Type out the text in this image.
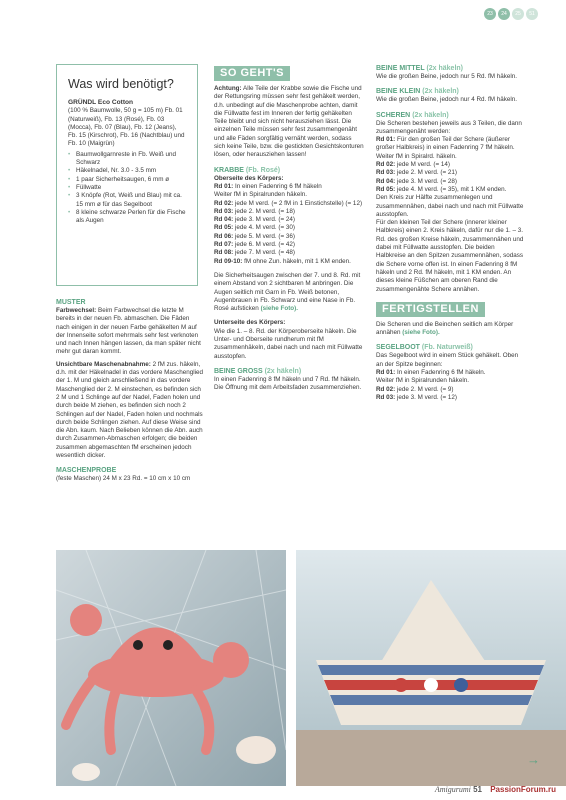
23	24	25	51
Was wird benötigt?

GRÜNDL Eco Cotton

(100 % Baumwolle, 50 g = 105 m) Fb. 01 (Naturweiß), Fb. 13 (Rosé), Fb. 03 (Mocca), Fb. 07 (Blau), Fb. 12 (Jeans), Fb. 15 (Kirschrot), Fb. 16 (Nachtblau) und Fb. 10 (Maigrün)

• Baumwollgarnreste in Fb. Weiß und Schwarz
• Häkelnadel, Nr. 3.0 - 3.5 mm
• 1 paar Sicherheitsaugen, 6 mm ø
• Füllwatte
• 3 Knöpfe (Rot, Weiß und Blau) mit ca. 15 mm ø für das Segelboot
• 8 kleine schwarze Perlen für die Fische als Augen
MUSTER

Farbwechsel: Beim Farbwechsel die letzte M bereits in der neuen Fb. abmaschen. Die Fäden nach einigen in der neuen Farbe gehäkelten M auf der Innenseite sofort mehrmals sehr fest verknoten und nach Innen hängen lassen, da man später nicht mehr gut daran kommt.

Unsichtbare Maschenabnahme: 2 fM zus. häkeln, d.h. mit der Häkelnadel in das vordere Maschenglied der 1. M und gleich anschließend in das vordere Maschenglied der 2. M einstechen, es befinden sich 2 M und 1 Schlinge auf der Nadel, Faden holen und durch beide M ziehen, es befinden sich noch 2 Schlingen auf der Nadel, Faden holen und nochmals durch beide Schlingen ziehen. Auf diese Weise sind die Abn. kaum. Nach Belieben können die Abn. auch durch Zusammen-Abmaschen erfolgen; die beiden zusammen abgemaschten fM erscheinen jedoch wesentlich dicker.

MASCHENPROBE

(feste Maschen) 24 M x 23 Rd. = 10 cm x 10 cm

SO GEHT'S

Achtung: Alle Teile der Krabbe sowie die Fische und der Rettungsring müssen sehr fest gehäkelt werden, d.h. unbedingt auf die Maschenprobe achten, damit die Füllwatte fest im Inneren der fertig gehäkelten Teile bleibt und sich nicht herausziehen lässt. Die einzelnen Teile müssen sehr fest zusammengenäht und alle Fäden sorgfältig vernäht werden, sodass sich keine Teile, bzw. die gestickten Gesichtskonturen lösen, oder herausziehen lassen!

KRABBE (Fb. Rosé)

Oberseite des Körpers:

Rd 01: In einen Fadenring 6 fM häkeln
Weiter fM in Spiralrunden häkeln.
Rd 02: jede M verd. (= 2 fM in 1 Einstichstelle) (= 12)
Rd 03: jede 2. M verd. (= 18)
Rd 04: jede 3. M verd. (= 24)
Rd 05: jede 4. M verd. (= 30)
Rd 06: jede 5. M verd. (= 36)
Rd 07: jede 6. M verd. (= 42)
Rd 08: jede 7. M verd. (= 48)
Rd 09-10: fM ohne Zun. häkeln, mit 1 KM enden.

Die Sicherheitsaugen zwischen der 7. und 8. Rd. mit einem Abstand von 2 sichtbaren M anbringen. Die Augen seitlich mit Garn in Fb. Weiß betonen, Augenbrauen in Fb. Schwarz und eine Nase in Fb. Rosé aufsticken (siehe Foto).

Unterseite des Körpers:

Wie die 1. – 8. Rd. der Körperoberseite häkeln. Die Unter- und Oberseite rundherum mit fM zusammenhäkeln, dabei nach und nach mit Füllwatte ausstopfen.

BEINE GROSS (2x häkeln)

In einen Fadenring 8 fM häkeln und 7 Rd. fM häkeln. Die Öffnung mit dem Arbeitsfaden zusammenziehen.

BEINE MITTEL (2x häkeln)

Wie die großen Beine, jedoch nur 5 Rd. fM häkeln.

BEINE KLEIN (2x häkeln)

Wie die großen Beine, jedoch nur 4 Rd. fM häkeln.

SCHEREN (2x häkeln)

Die Scheren bestehen jeweils aus 3 Teilen, die dann zusammengenäht werden:

Rd 01: Für den großen Teil der Schere (äußerer großer Halbkreis) in einen Fadenring 7 fM häkeln. Weiter fM in Spiralrd. häkeln.
Rd 02: jede M verd. (= 14)
Rd 03: jede 2. M verd. (= 21)
Rd 04: jede 3. M verd. (= 28)
Rd 05: jede 4. M verd. (= 35), mit 1 KM enden.

Den Kreis zur Hälfte zusammenlegen und zusammennähen, dabei nach und nach mit Füllwatte ausstopfen.

Für den kleinen Teil der Schere (innerer kleiner Halbkreis) einen 2. Kreis häkeln, dafür nur die 1. – 3. Rd. des großen Kreise häkeln, zusammennähen und dabei mit Füllwatte ausstopfen. Die beiden Halbkreise an den Spitzen zusammennähen, sodass die Schere vorne offen ist. In einen Fadenring 8 fM häkeln und 2 Rd. fM häkeln, mit 1 KM enden. An dieses kleine Füßchen am oberen Rand die zusammengenähte Schere annähen.

FERTIGSTELLEN

Die Scheren und die Beinchen seitlich am Körper annähen (siehe Foto).

SEGELBOOT (Fb. Naturweiß)

Das Segelboot wird in einem Stück gehäkelt. Oben an der Spitze beginnen:

Rd 01: In einen Fadenring 6 fM häkeln.
Weiter fM in Spiralrunden häkeln.
Rd 02: jede 2. M verd. (= 9)
Rd 03: jede 3. M verd. (= 12)
→
Amigurumi 51 PassionForum.ru
